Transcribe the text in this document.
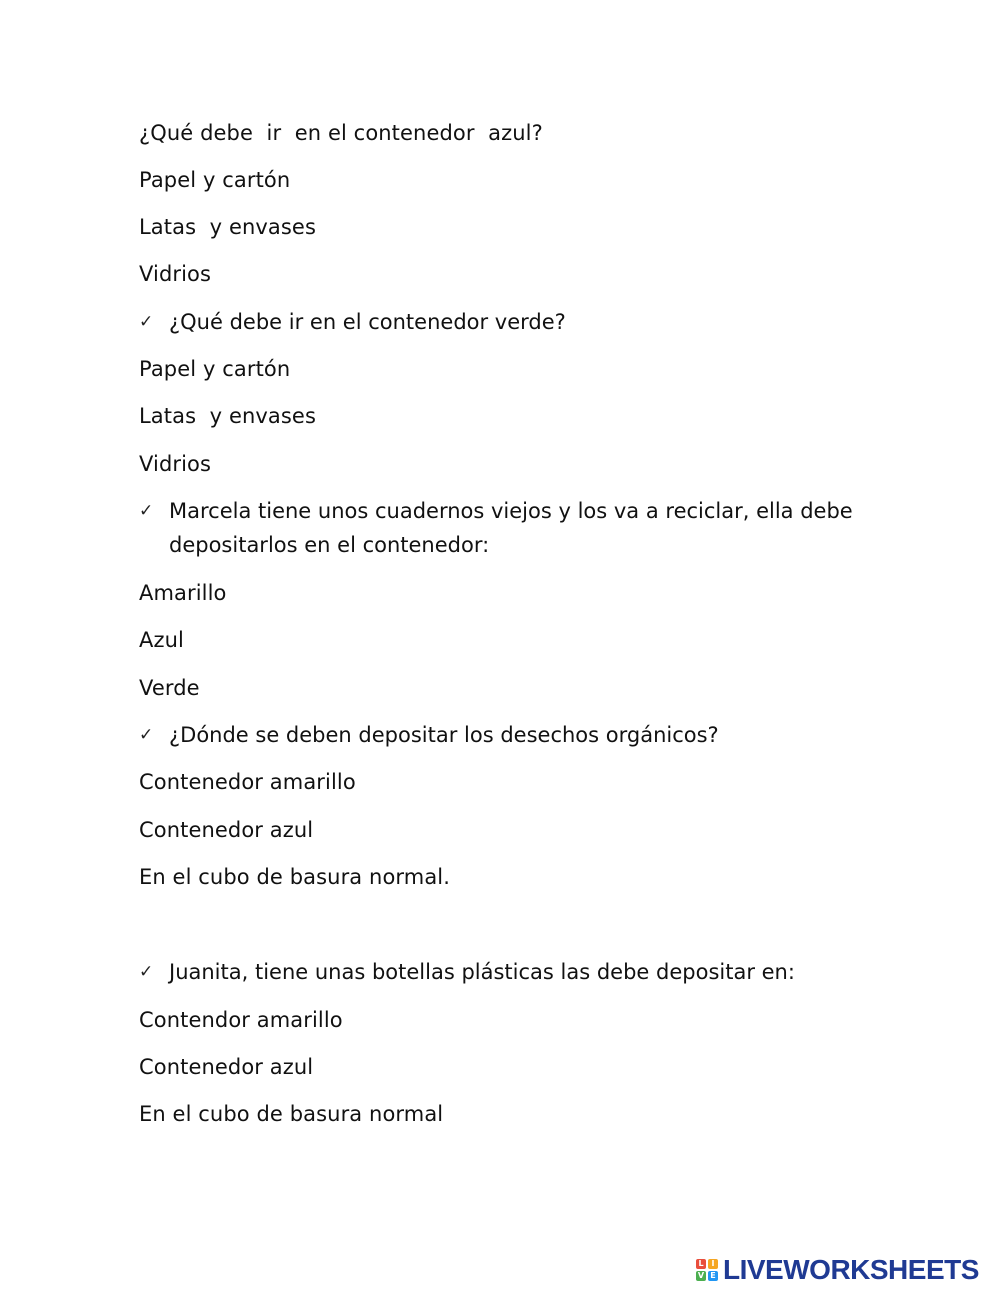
¿Qué debe  ir  en el contenedor  azul?
Papel y cartón
Latas  y envases
Vidrios
✓ ¿Qué debe ir en el contenedor verde?
Papel y cartón
Latas  y envases
Vidrios
✓ Marcela tiene unos cuadernos viejos y los va a reciclar, ella debe depositarlos en el contenedor:
Amarillo
Azul
Verde
✓ ¿Dónde se deben depositar los desechos orgánicos?
Contenedor amarillo
Contenedor azul
En el cubo de basura normal.
✓ Juanita, tiene unas botellas plásticas las debe depositar en:
Contendor amarillo
Contenedor azul
En el cubo de basura normal
L I
V E LIVEWORKSHEETS
